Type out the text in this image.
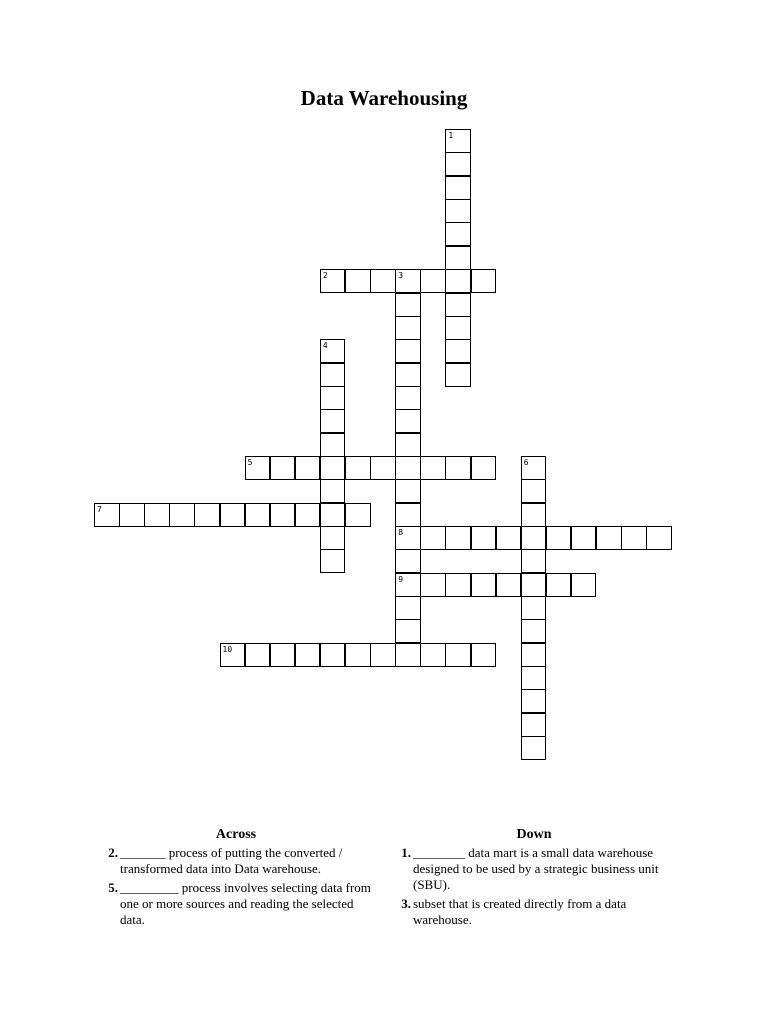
Data Warehousing
1
2	3
8
9
4
5	6
7
10
Across
2. _______ process of putting the converted / transformed data into Data warehouse.
5. _________ process involves selecting data from one or more sources and reading the selected data.
Down
1. ________ data mart is a small data warehouse designed to be used by a strategic business unit (SBU).
3. subset that is created directly from a data warehouse.
